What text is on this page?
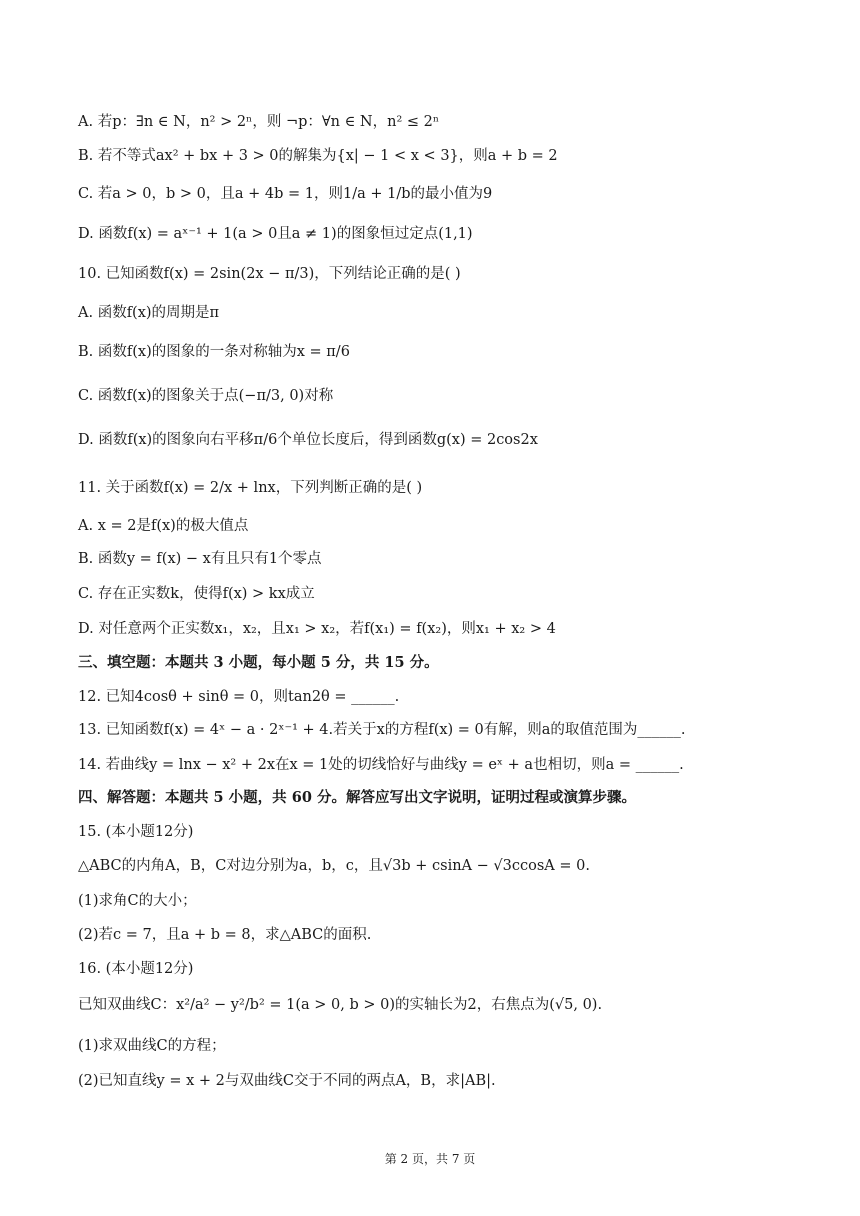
A. 若p：∃n ∈ N，n² > 2ⁿ，则 ¬p：∀n ∈ N，n² ≤ 2ⁿ
B. 若不等式ax² + bx + 3 > 0的解集为{x| − 1 < x < 3}，则a + b = 2
C. 若a > 0，b > 0，且a + 4b = 1，则1/a + 1/b的最小值为9
D. 函数f(x) = aˣ⁻¹ + 1(a > 0且a ≠ 1)的图象恒过定点(1,1)
10. 已知函数f(x) = 2sin(2x − π/3)，下列结论正确的是( )
A. 函数f(x)的周期是π
B. 函数f(x)的图象的一条对称轴为x = π/6
C. 函数f(x)的图象关于点(−π/3, 0)对称
D. 函数f(x)的图象向右平移π/6个单位长度后，得到函数g(x) = 2cos2x
11. 关于函数f(x) = 2/x + lnx，下列判断正确的是( )
A. x = 2是f(x)的极大值点
B. 函数y = f(x) − x有且只有1个零点
C. 存在正实数k，使得f(x) > kx成立
D. 对任意两个正实数x₁，x₂，且x₁ > x₂，若f(x₁) = f(x₂)，则x₁ + x₂ > 4
三、填空题：本题共 3 小题，每小题 5 分，共 15 分。
12. 已知4cosθ + sinθ = 0，则tan2θ = ______.
13. 已知函数f(x) = 4ˣ − a · 2ˣ⁻¹ + 4.若关于x的方程f(x) = 0有解，则a的取值范围为______.
14. 若曲线y = lnx − x² + 2x在x = 1处的切线恰好与曲线y = eˣ + a也相切，则a = ______.
四、解答题：本题共 5 小题，共 60 分。解答应写出文字说明，证明过程或演算步骤。
15. (本小题12分)
△ABC的内角A，B，C对边分别为a，b，c，且√3b + csinA − √3ccosA = 0.
(1)求角C的大小；
(2)若c = 7，且a + b = 8，求△ABC的面积.
16. (本小题12分)
已知双曲线C：x²/a² − y²/b² = 1(a > 0, b > 0)的实轴长为2，右焦点为(√5, 0).
(1)求双曲线C的方程；
(2)已知直线y = x + 2与双曲线C交于不同的两点A，B，求|AB|.
第 2 页，共 7 页
